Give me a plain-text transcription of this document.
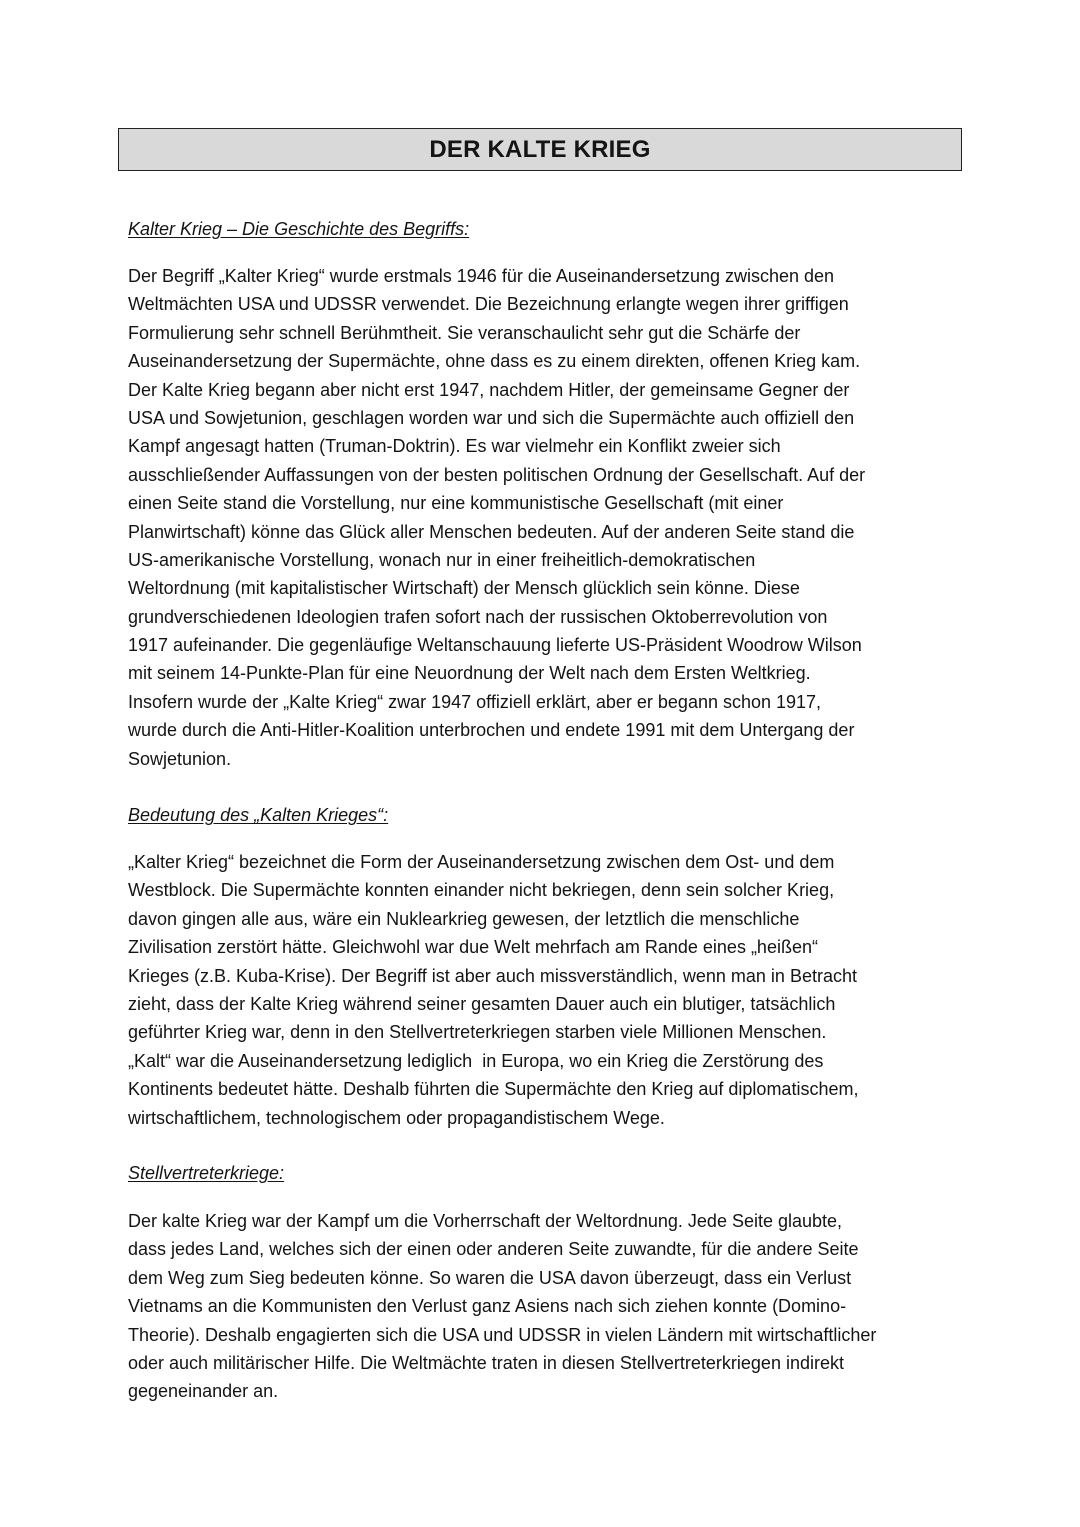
DER KALTE KRIEG
Kalter Krieg – Die Geschichte des Begriffs:
Der Begriff „Kalter Krieg“ wurde erstmals 1946 für die Auseinandersetzung zwischen den
Weltmächten USA und UDSSR verwendet. Die Bezeichnung erlangte wegen ihrer griffigen
Formulierung sehr schnell Berühmtheit. Sie veranschaulicht sehr gut die Schärfe der
Auseinandersetzung der Supermächte, ohne dass es zu einem direkten, offenen Krieg kam.
Der Kalte Krieg begann aber nicht erst 1947, nachdem Hitler, der gemeinsame Gegner der
USA und Sowjetunion, geschlagen worden war und sich die Supermächte auch offiziell den
Kampf angesagt hatten (Truman-Doktrin). Es war vielmehr ein Konflikt zweier sich
ausschließender Auffassungen von der besten politischen Ordnung der Gesellschaft. Auf der
einen Seite stand die Vorstellung, nur eine kommunistische Gesellschaft (mit einer
Planwirtschaft) könne das Glück aller Menschen bedeuten. Auf der anderen Seite stand die
US-amerikanische Vorstellung, wonach nur in einer freiheitlich-demokratischen
Weltordnung (mit kapitalistischer Wirtschaft) der Mensch glücklich sein könne. Diese
grundverschiedenen Ideologien trafen sofort nach der russischen Oktoberrevolution von
1917 aufeinander. Die gegenläufige Weltanschauung lieferte US-Präsident Woodrow Wilson
mit seinem 14-Punkte-Plan für eine Neuordnung der Welt nach dem Ersten Weltkrieg.
Insofern wurde der „Kalte Krieg“ zwar 1947 offiziell erklärt, aber er begann schon 1917,
wurde durch die Anti-Hitler-Koalition unterbrochen und endete 1991 mit dem Untergang der
Sowjetunion.
Bedeutung des „Kalten Krieges“:
„Kalter Krieg“ bezeichnet die Form der Auseinandersetzung zwischen dem Ost- und dem
Westblock. Die Supermächte konnten einander nicht bekriegen, denn sein solcher Krieg,
davon gingen alle aus, wäre ein Nuklearkrieg gewesen, der letztlich die menschliche
Zivilisation zerstört hätte. Gleichwohl war due Welt mehrfach am Rande eines „heißen“
Krieges (z.B. Kuba-Krise). Der Begriff ist aber auch missverständlich, wenn man in Betracht
zieht, dass der Kalte Krieg während seiner gesamten Dauer auch ein blutiger, tatsächlich
geführter Krieg war, denn in den Stellvertreterkriegen starben viele Millionen Menschen.
„Kalt“ war die Auseinandersetzung lediglich  in Europa, wo ein Krieg die Zerstörung des
Kontinents bedeutet hätte. Deshalb führten die Supermächte den Krieg auf diplomatischem,
wirtschaftlichem, technologischem oder propagandistischem Wege.
Stellvertreterkriege:
Der kalte Krieg war der Kampf um die Vorherrschaft der Weltordnung. Jede Seite glaubte,
dass jedes Land, welches sich der einen oder anderen Seite zuwandte, für die andere Seite
dem Weg zum Sieg bedeuten könne. So waren die USA davon überzeugt, dass ein Verlust
Vietnams an die Kommunisten den Verlust ganz Asiens nach sich ziehen konnte (Domino-
Theorie). Deshalb engagierten sich die USA und UDSSR in vielen Ländern mit wirtschaftlicher
oder auch militärischer Hilfe. Die Weltmächte traten in diesen Stellvertreterkriegen indirekt
gegeneinander an.
